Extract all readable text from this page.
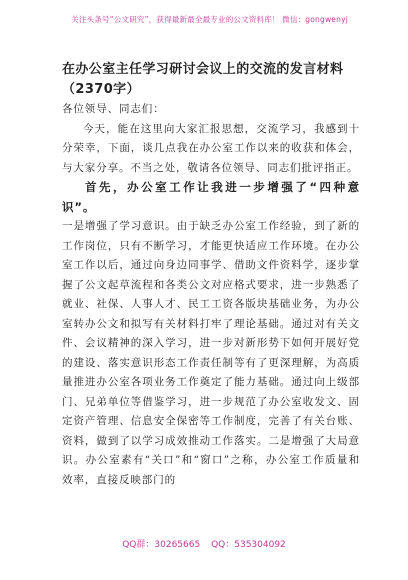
关注头条号“公文研究”，获得最新最全最专业的公文资料库！ 微信：gongwenyj
在办公室主任学习研讨会议上的交流的发言材料（2370字）

各位领导、同志们：

今天，能在这里向大家汇报思想，交流学习，我感到十分荣幸，下面，谈几点我在办公室工作以来的收获和体会，与大家分享。不当之处，敬请各位领导、同志们批评指正。

首先，办公室工作让我进一步增强了“四种意识”。

一是增强了学习意识。由于缺乏办公室工作经验，到了新的工作岗位，只有不断学习，才能更快适应工作环境。在办公室工作以后，通过向身边同事学、借助文件资料学，逐步掌握了公文起草流程和各类公文对应格式要求，进一步熟悉了就业、社保、人事人才、民工工资各版块基础业务，为办公室转办公文和拟写有关材料打牢了理论基础。通过对有关文件、会议精神的深入学习，进一步对新形势下如何开展好党的建设、落实意识形态工作责任制等有了更深理解，为高质量推进办公室各项业务工作奠定了能力基础。通过向上级部门、兄弟单位等借鉴学习，进一步规范了办公室收发文、固定资产管理、信息安全保密等工作制度，完善了有关台账、资料，做到了以学习成效推动工作落实。二是增强了大局意识。办公室素有“关口”和“窗口”之称，办公室工作质量和效率，直接反映部门的

QQ群：30265665 QQ：535304092
